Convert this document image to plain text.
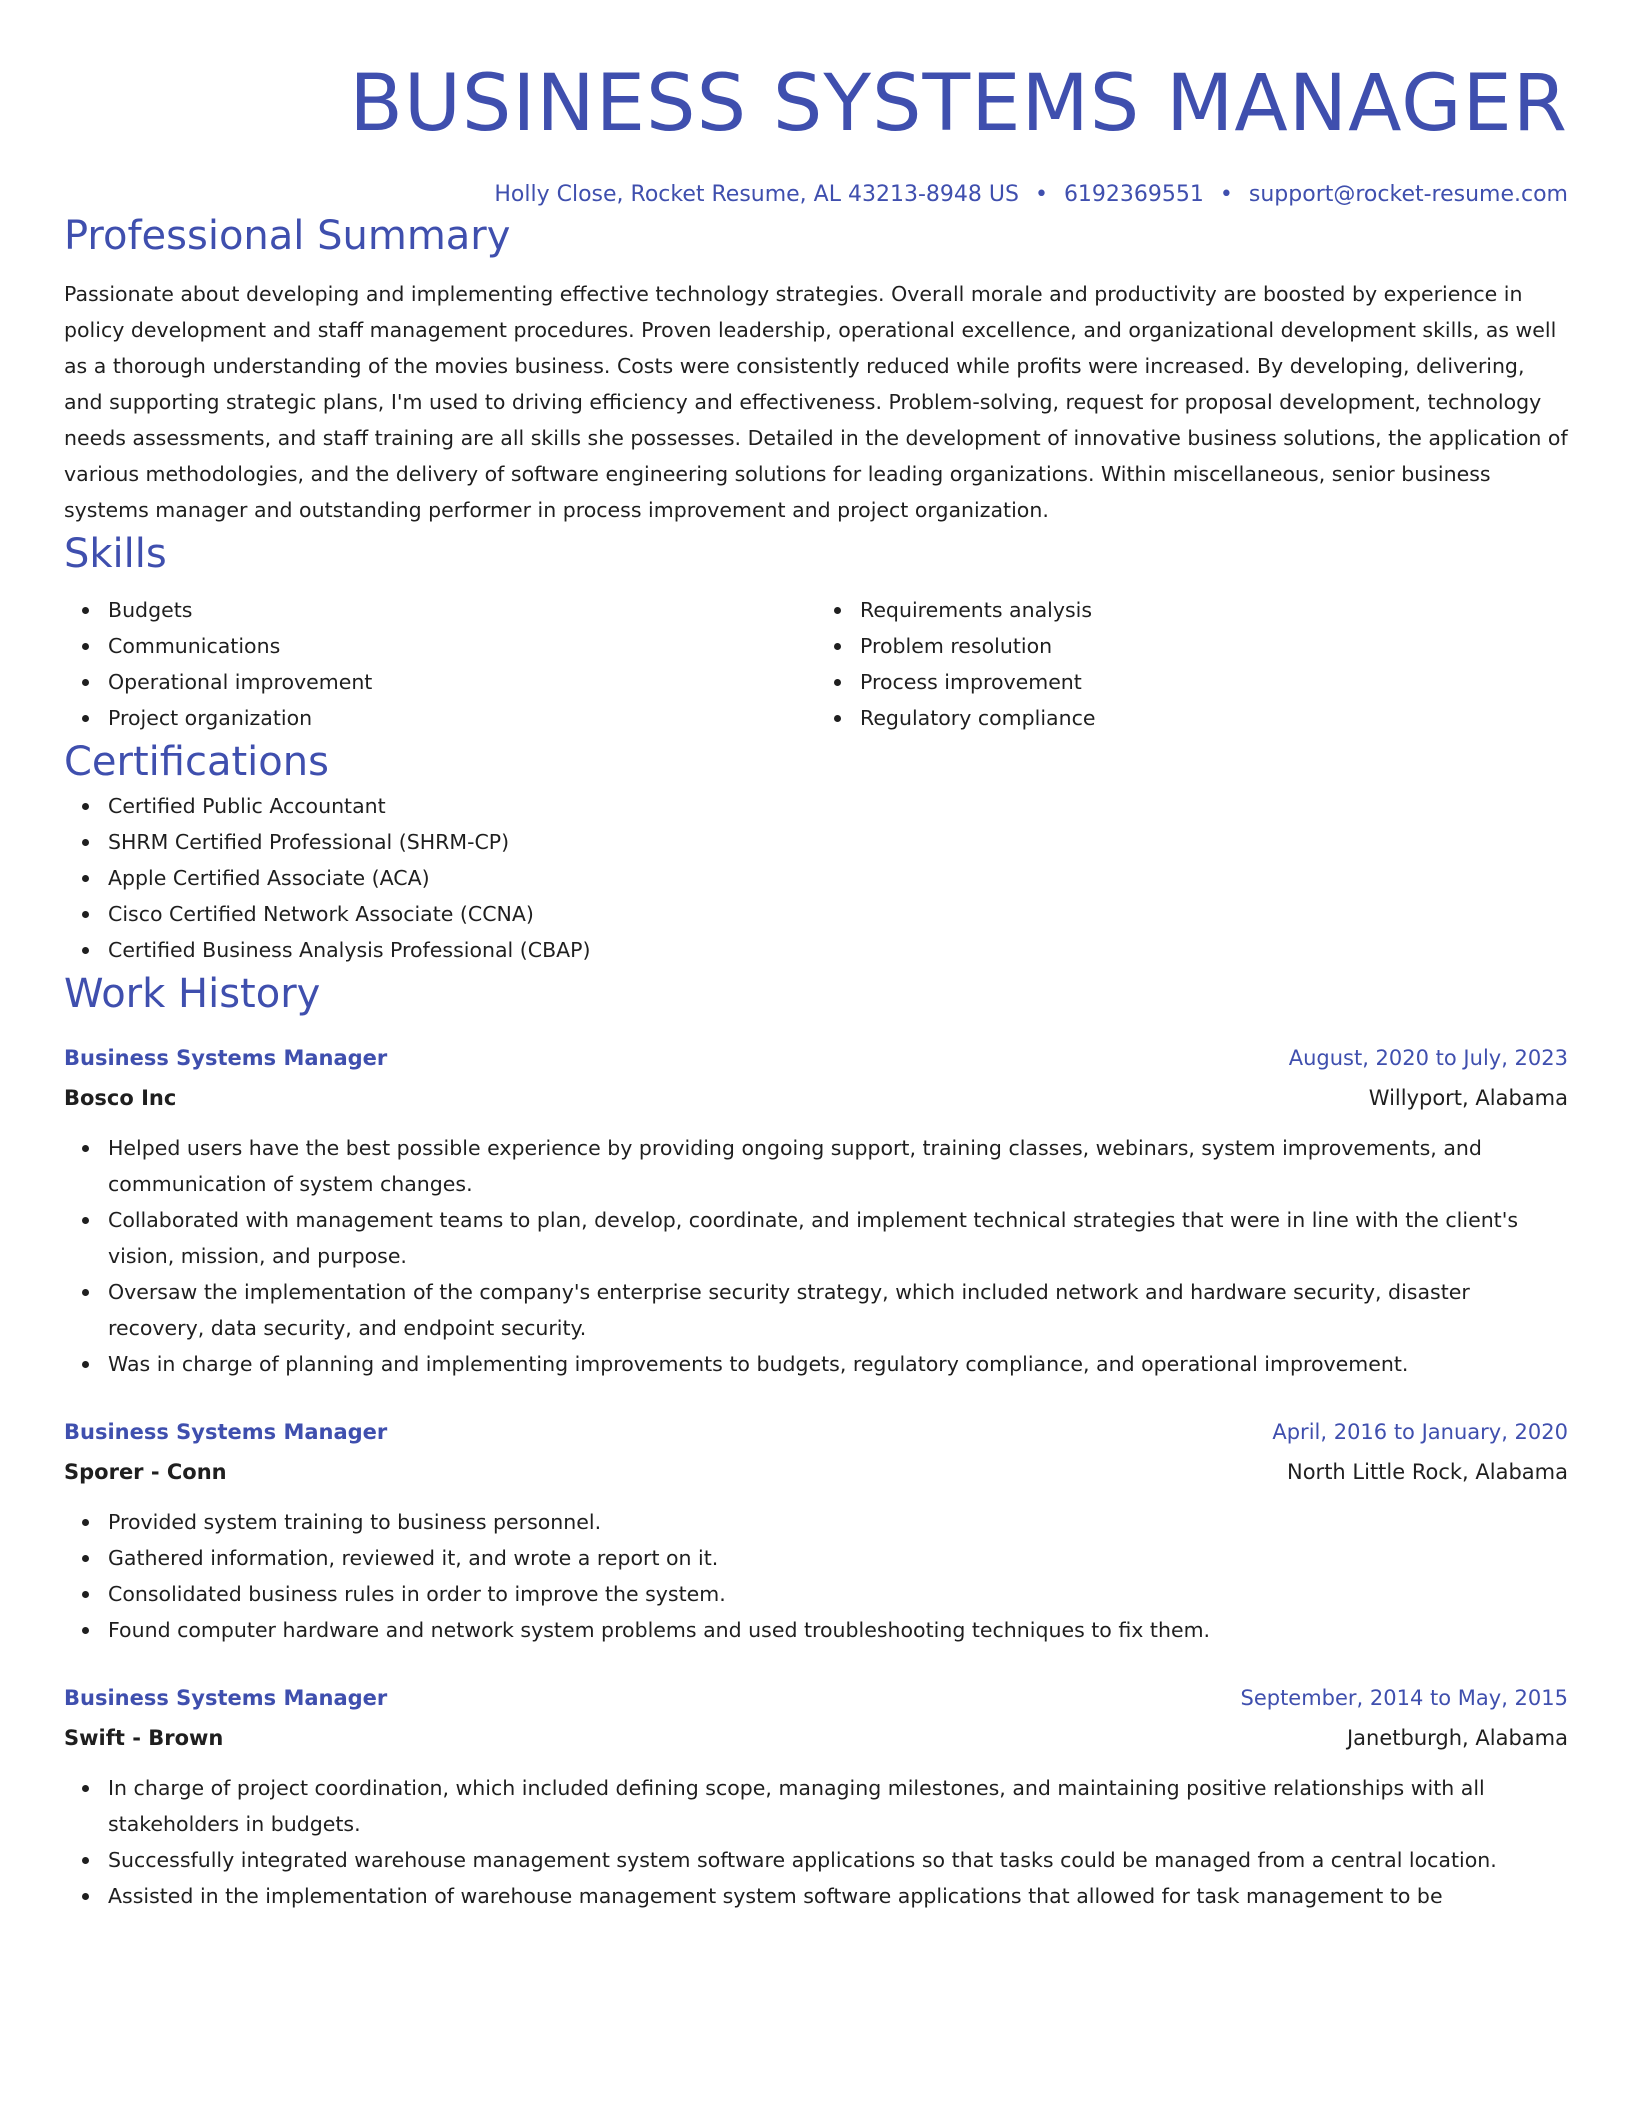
BUSINESS SYSTEMS MANAGER
Holly Close, Rocket Resume, AL 43213-8948 US • 6192369551 • support@rocket-resume.com
Professional Summary
Passionate about developing and implementing effective technology strategies. Overall morale and productivity are boosted by experience in policy development and staff management procedures. Proven leadership, operational excellence, and organizational development skills, as well as a thorough understanding of the movies business. Costs were consistently reduced while profits were increased. By developing, delivering, and supporting strategic plans, I'm used to driving efficiency and effectiveness. Problem-solving, request for proposal development, technology needs assessments, and staff training are all skills she possesses. Detailed in the development of innovative business solutions, the application of various methodologies, and the delivery of software engineering solutions for leading organizations. Within miscellaneous, senior business systems manager and outstanding performer in process improvement and project organization.
Skills
Budgets
Communications
Operational improvement
Project organization
Requirements analysis
Problem resolution
Process improvement
Regulatory compliance
Certifications
Certified Public Accountant
SHRM Certified Professional (SHRM-CP)
Apple Certified Associate (ACA)
Cisco Certified Network Associate (CCNA)
Certified Business Analysis Professional (CBAP)
Work History
Business Systems Manager	August, 2020 to July, 2023
Bosco Inc	Willyport, Alabama
Helped users have the best possible experience by providing ongoing support, training classes, webinars, system improvements, and communication of system changes.
Collaborated with management teams to plan, develop, coordinate, and implement technical strategies that were in line with the client's vision, mission, and purpose.
Oversaw the implementation of the company's enterprise security strategy, which included network and hardware security, disaster recovery, data security, and endpoint security.
Was in charge of planning and implementing improvements to budgets, regulatory compliance, and operational improvement.
Business Systems Manager	April, 2016 to January, 2020
Sporer - Conn	North Little Rock, Alabama
Provided system training to business personnel.
Gathered information, reviewed it, and wrote a report on it.
Consolidated business rules in order to improve the system.
Found computer hardware and network system problems and used troubleshooting techniques to fix them.
Business Systems Manager	September, 2014 to May, 2015
Swift - Brown	Janetburgh, Alabama
In charge of project coordination, which included defining scope, managing milestones, and maintaining positive relationships with all stakeholders in budgets.
Successfully integrated warehouse management system software applications so that tasks could be managed from a central location.
Assisted in the implementation of warehouse management system software applications that allowed for task management to be
